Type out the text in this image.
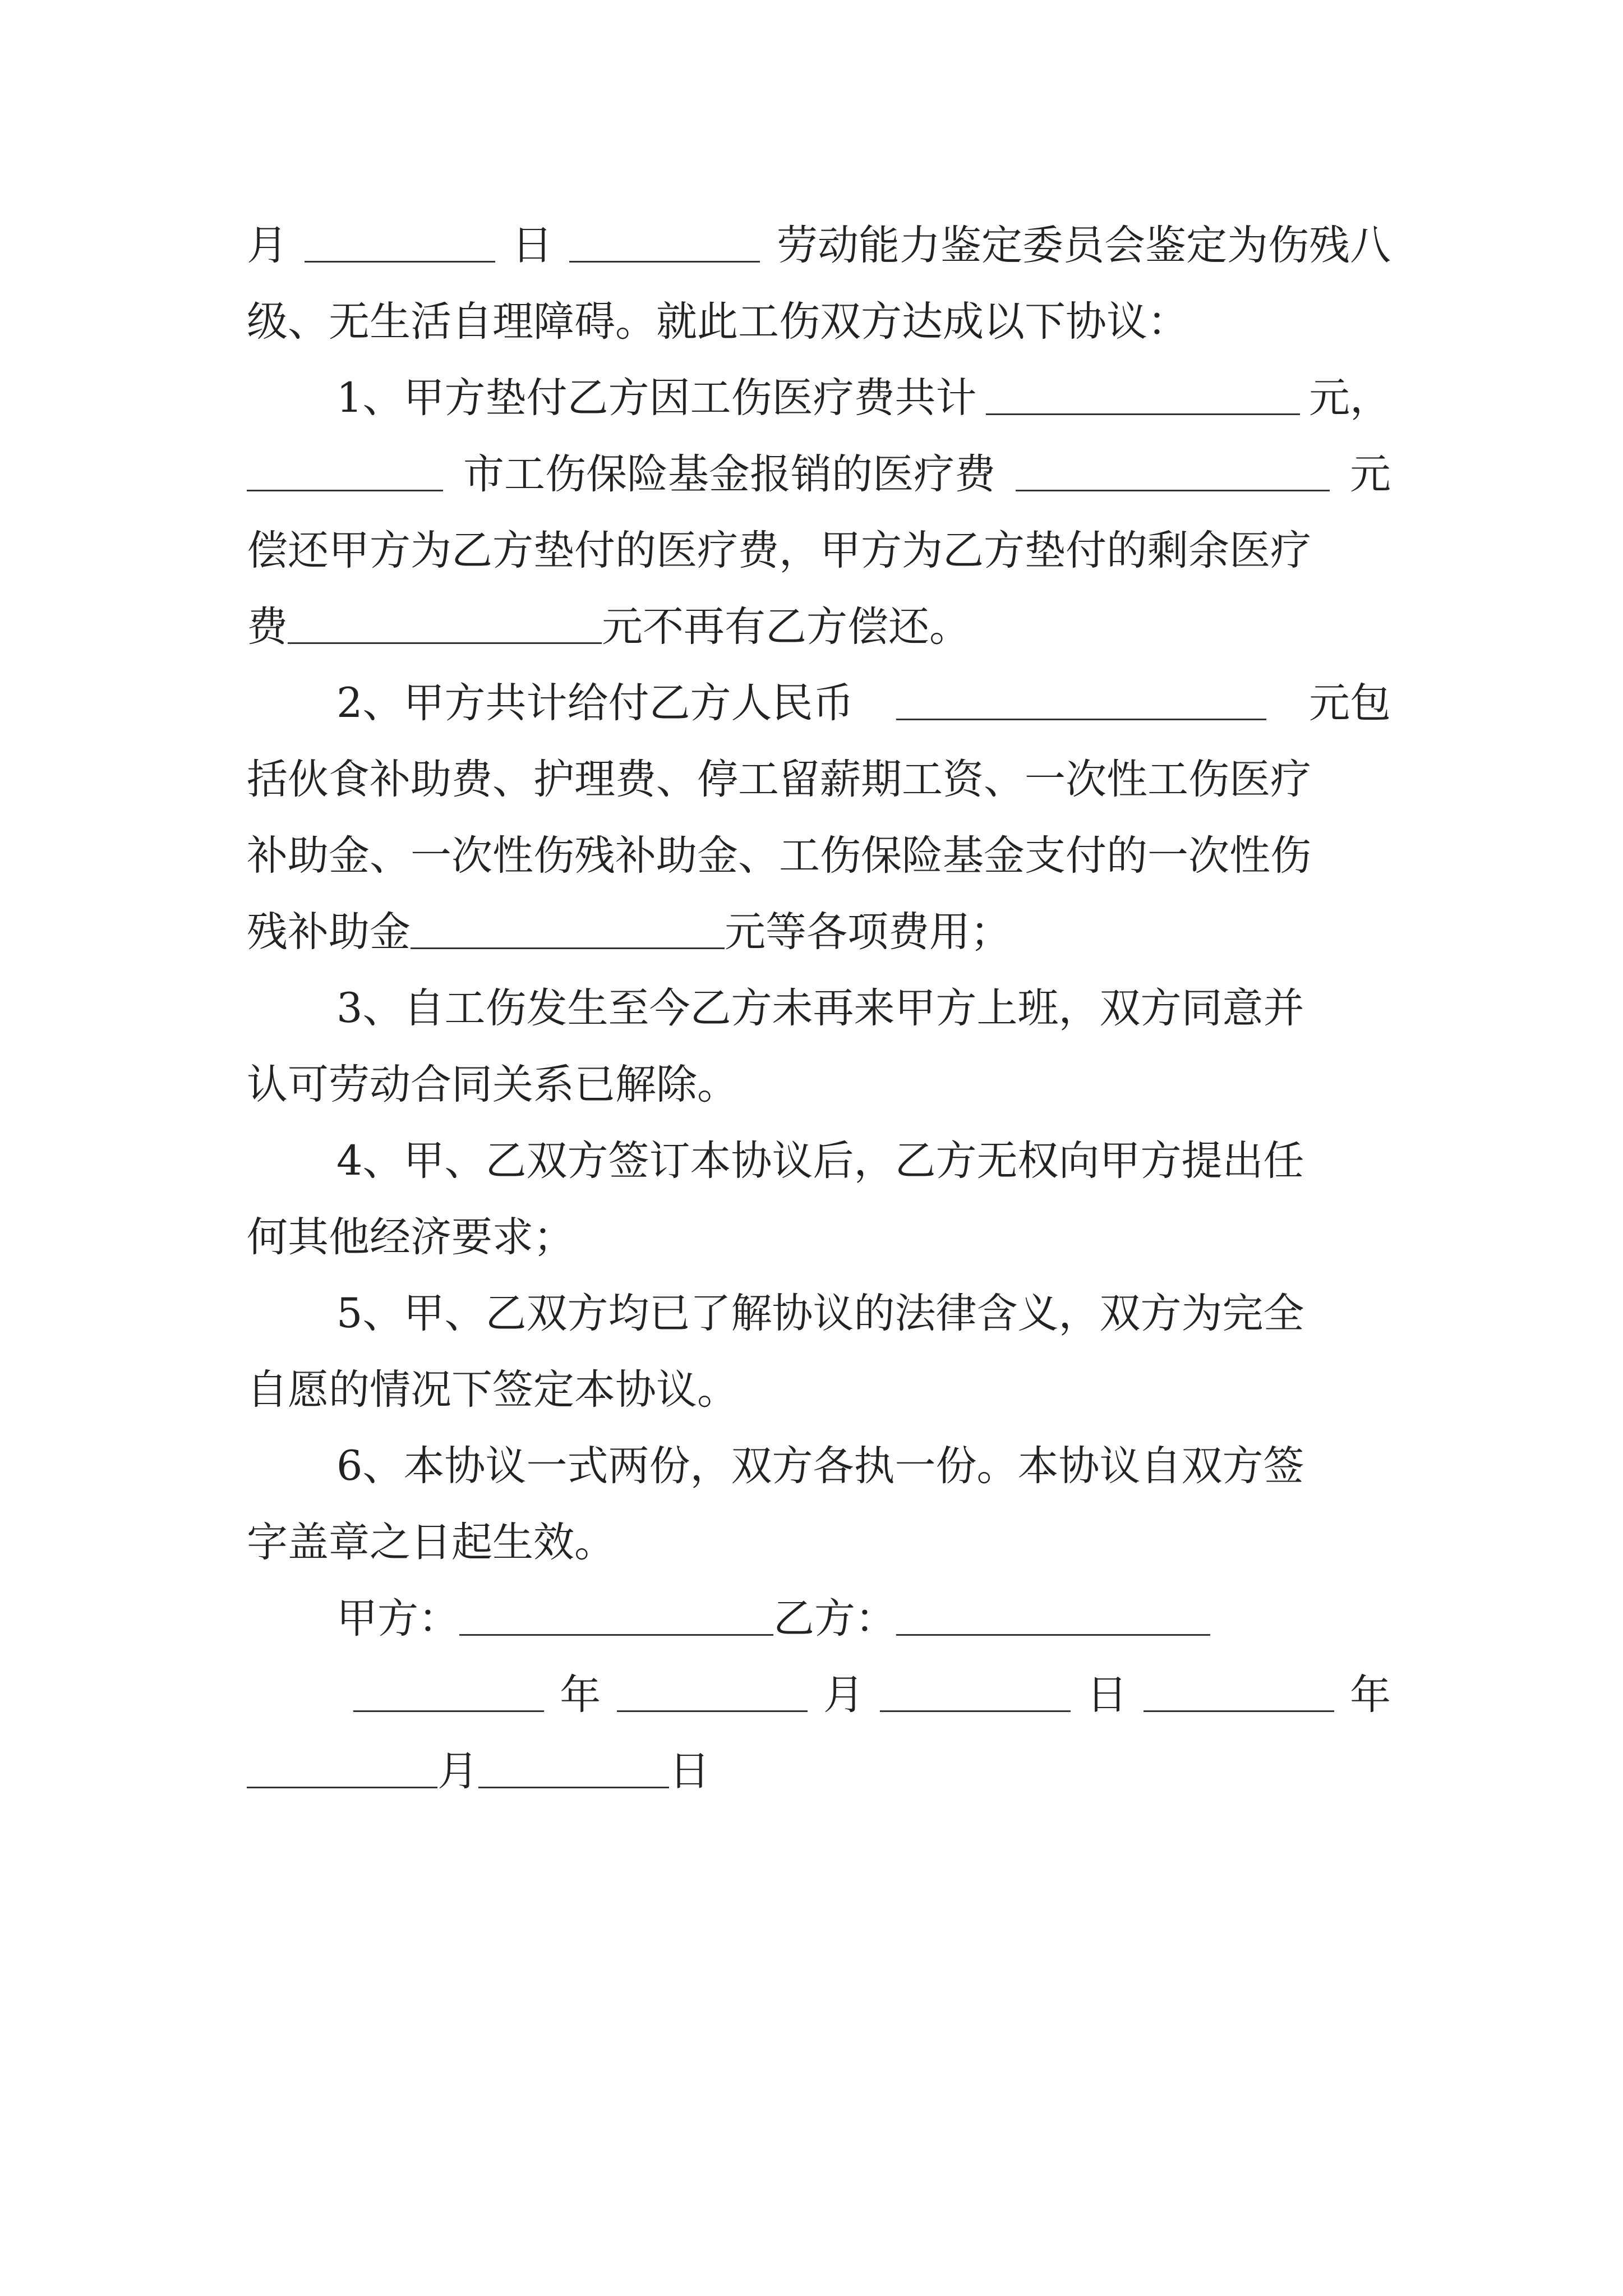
月	日	劳动能力鉴定委员会鉴定为伤残八
级、无生活自理障碍。就此工伤双方达成以下协议：
1、甲方垫付乙方因工伤医疗费共计	元，
市工伤保险基金报销的医疗费	元
偿还甲方为乙方垫付的医疗费，甲方为乙方垫付的剩余医疗
费	元不再有乙方偿还。
2、甲方共计给付乙方人民币	元包
括伙食补助费、护理费、停工留薪期工资、一次性工伤医疗
补助金、一次性伤残补助金、工伤保险基金支付的一次性伤
残补助金	元等各项费用；
3、自工伤发生至今乙方未再来甲方上班，双方同意并
认可劳动合同关系已解除。
4、甲、乙双方签订本协议后，乙方无权向甲方提出任
何其他经济要求；
5、甲、乙双方均已了解协议的法律含义，双方为完全
自愿的情况下签定本协议。
6、本协议一式两份，双方各执一份。本协议自双方签
字盖章之日起生效。
甲方：	乙方：
年	月	日	年
月	日
